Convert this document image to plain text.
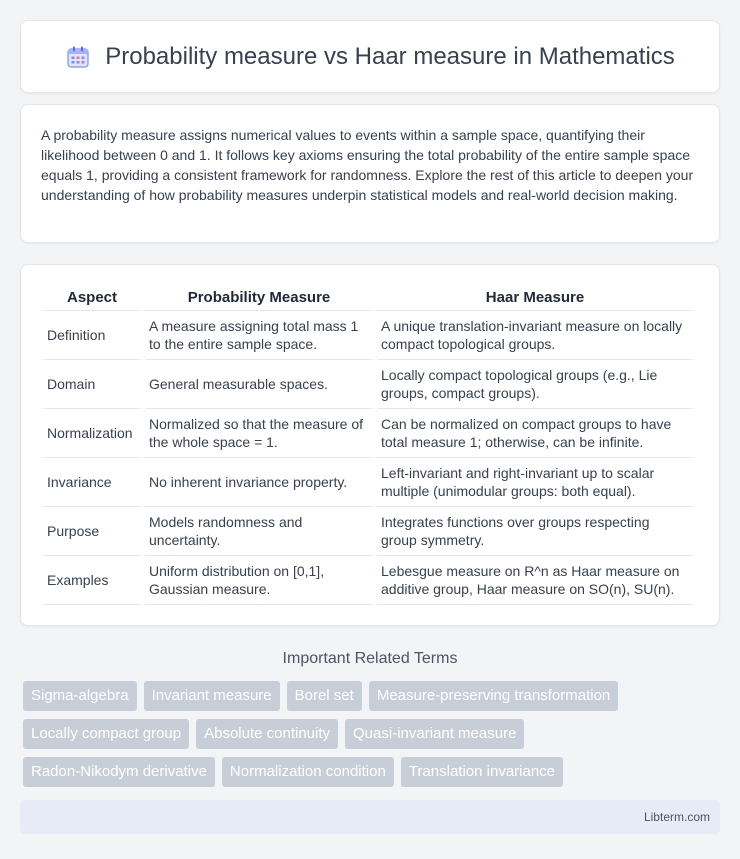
Probability measure vs Haar measure in Mathematics

A probability measure assigns numerical values to events within a sample space, quantifying their likelihood between 0 and 1. It follows key axioms ensuring the total probability of the entire sample space equals 1, providing a consistent framework for randomness. Explore the rest of this article to deepen your understanding of how probability measures underpin statistical models and real-world decision making.

Aspect	Probability Measure	Haar Measure
Definition	A measure assigning total mass 1 to the entire sample space.	A unique translation-invariant measure on locally compact topological groups.
Domain	General measurable spaces.	Locally compact topological groups (e.g., Lie groups, compact groups).
Normalization	Normalized so that the measure of the whole space = 1.	Can be normalized on compact groups to have total measure 1; otherwise, can be infinite.
Invariance	No inherent invariance property.	Left-invariant and right-invariant up to scalar multiple (unimodular groups: both equal).
Purpose	Models randomness and uncertainty.	Integrates functions over groups respecting group symmetry.
Examples	Uniform distribution on [0,1], Gaussian measure.	Lebesgue measure on R^n as Haar measure on additive group, Haar measure on SO(n), SU(n).
Important Related Terms
Sigma-algebra	Invariant measure	Borel set	Measure-preserving transformation
Locally compact group	Absolute continuity	Quasi-invariant measure
Radon-Nikodym derivative	Normalization condition	Translation invariance
Libterm.com
